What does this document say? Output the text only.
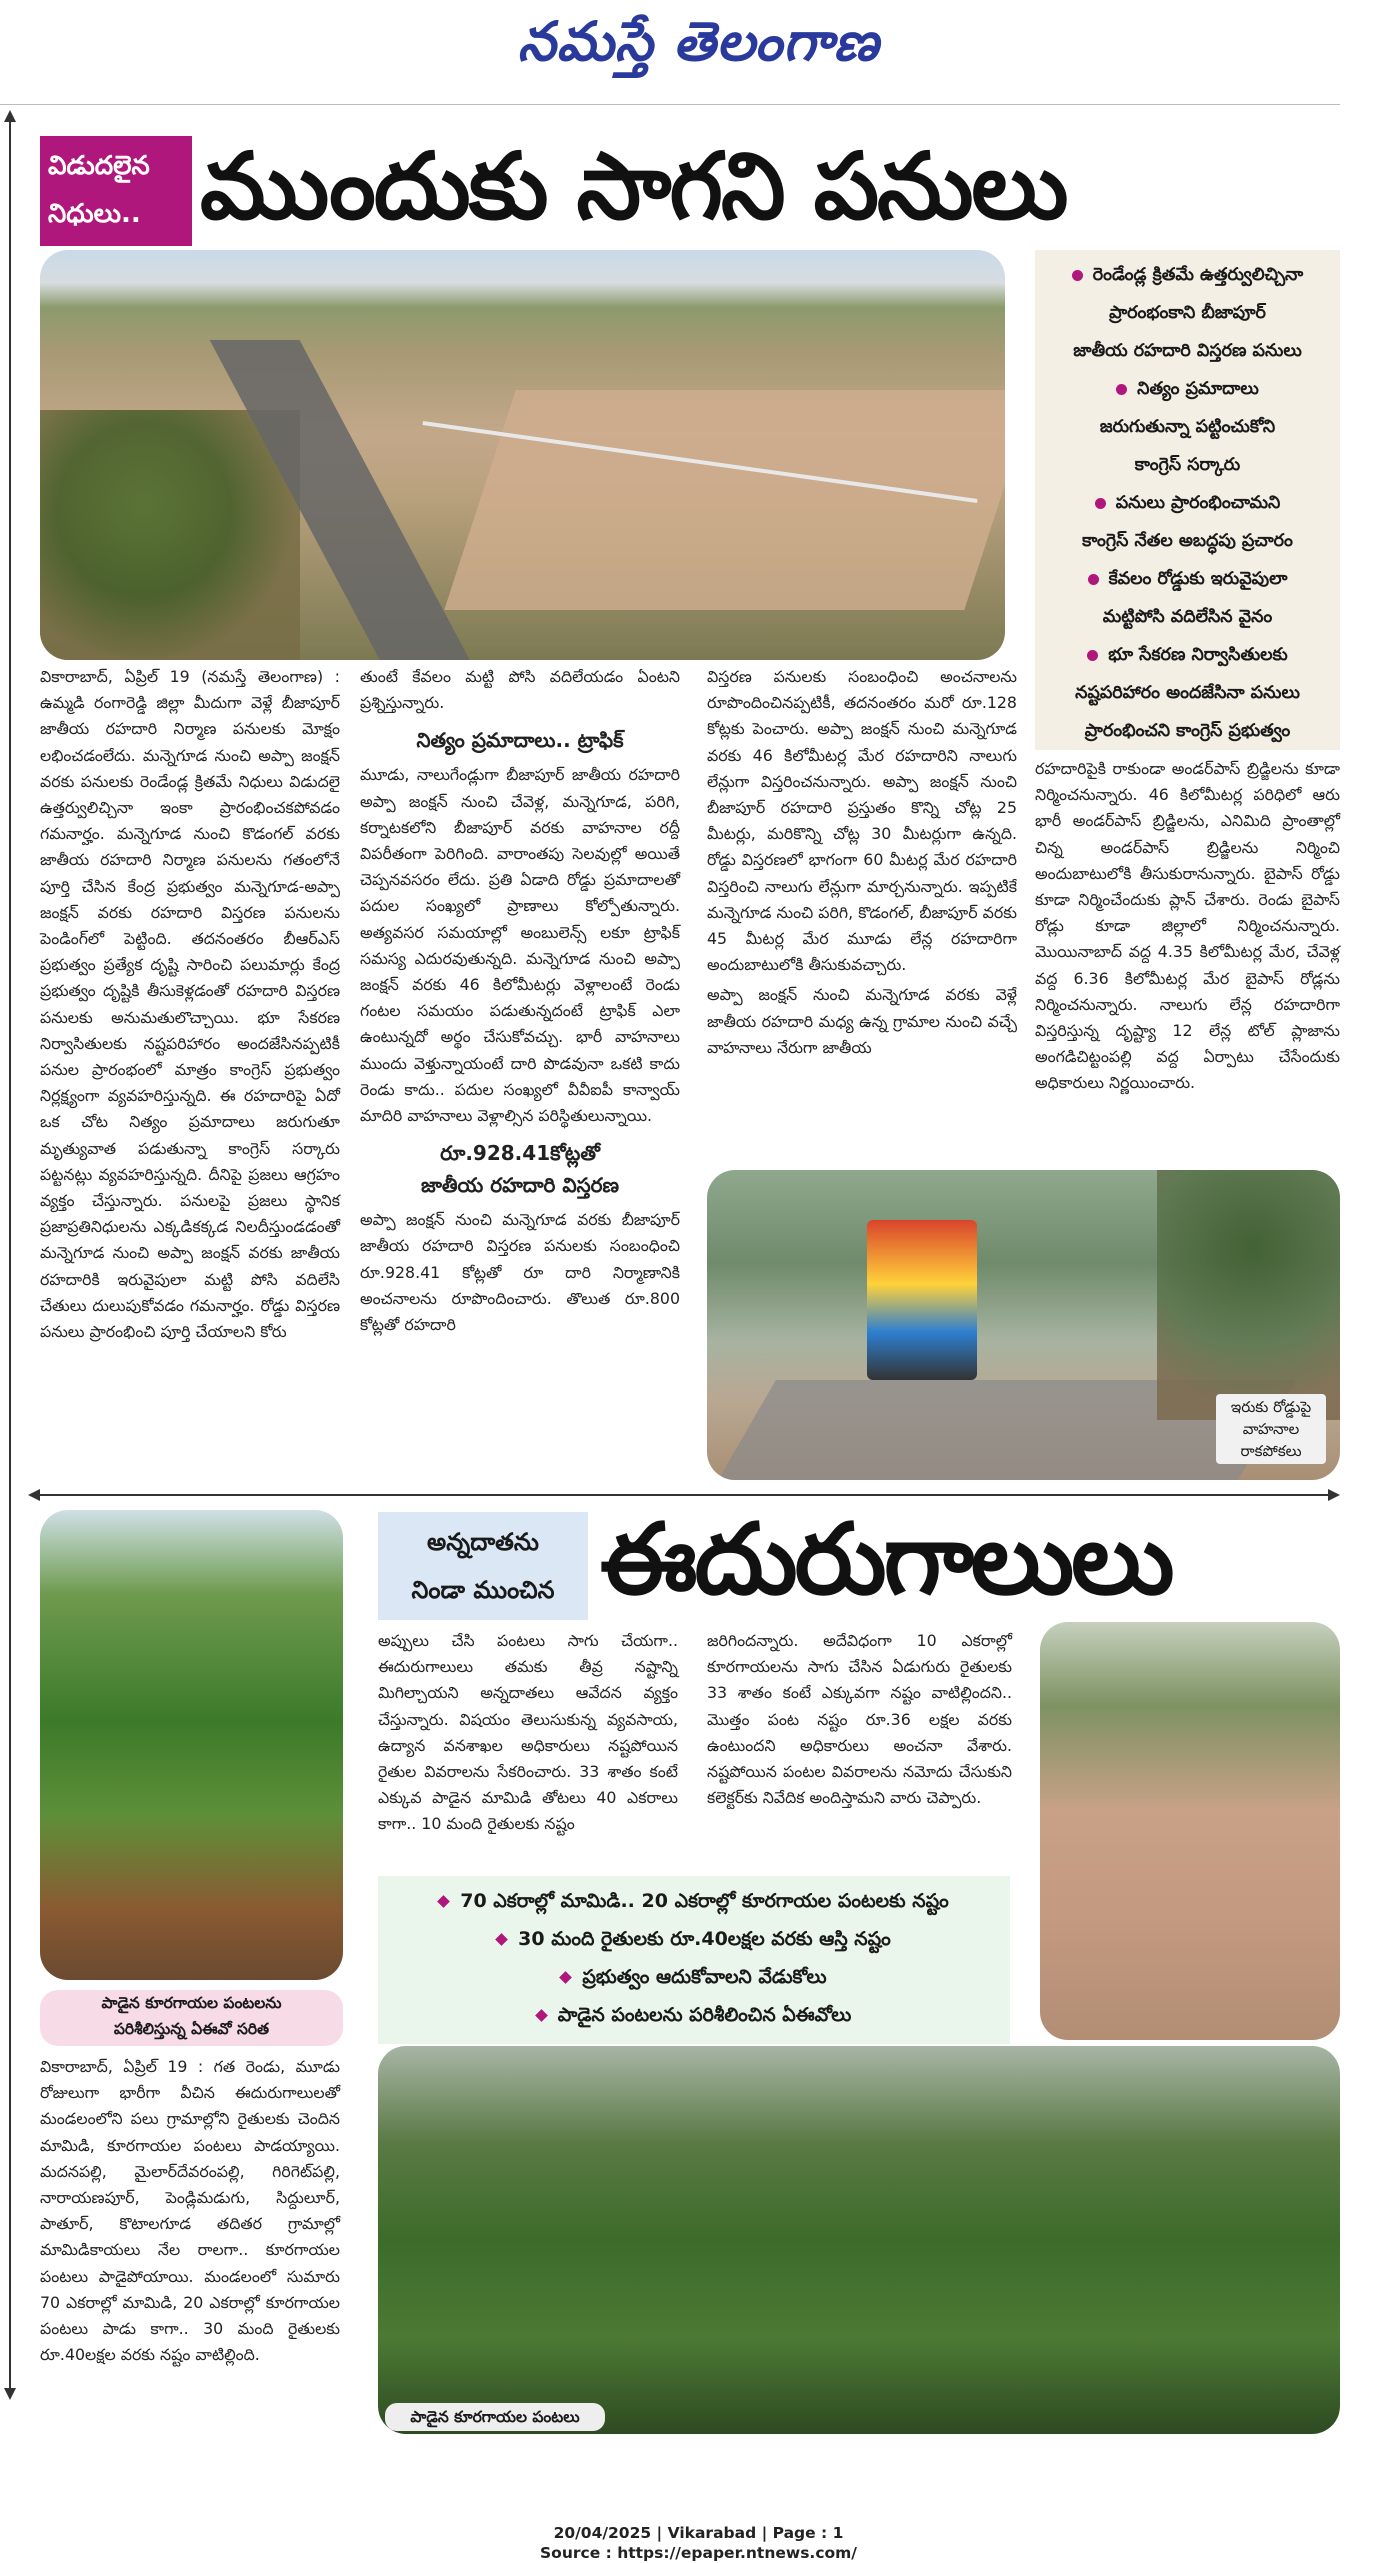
నమస్తే తెలంగాణ
విడుదలైన
నిధులు.. ముందుకు సాగని పనులు
రెండేండ్ల క్రితమే ఉత్తర్వులిచ్చినా
ప్రారంభంకాని బీజాపూర్
జాతీయ రహదారి విస్తరణ పనులు
నిత్యం ప్రమాదాలు
జరుగుతున్నా పట్టించుకోని
కాంగ్రెస్ సర్కారు
పనులు ప్రారంభించామని
కాంగ్రెస్ నేతల అబద్ధపు ప్రచారం
కేవలం రోడ్డుకు ఇరువైపులా
మట్టిపోసి వదిలేసిన వైనం
భూ సేకరణ నిర్వాసితులకు
నష్టపరిహారం అందజేసినా పనులు
ప్రారంభించని కాంగ్రెస్ ప్రభుత్వం

వికారాబాద్, ఏప్రిల్ 19 (నమస్తే తెలంగాణ) : ఉమ్మడి రంగారెడ్డి జిల్లా మీదుగా వెళ్లే బీజాపూర్ జాతీయ రహదారి నిర్మాణ పనులకు మోక్షం లభించడంలేదు. మన్నెగూడ నుంచి అప్పా జంక్షన్ వరకు పనులకు రెండేండ్ల క్రితమే నిధులు విడుదలై ఉత్తర్వులిచ్చినా ఇంకా ప్రారంభించకపోవడం గమనార్హం. మన్నెగూడ నుంచి కొడంగల్ వరకు జాతీయ రహదారి నిర్మాణ పనులను గతంలోనే పూర్తి చేసిన కేంద్ర ప్రభుత్వం మన్నెగూడ-అప్పా జంక్షన్ వరకు రహదారి విస్తరణ పనులను పెండింగ్‌లో పెట్టింది. తదనంతరం బీఆర్‌ఎస్ ప్రభుత్వం ప్రత్యేక దృష్టి సారించి పలుమార్లు కేంద్ర ప్రభుత్వం దృష్టికి తీసుకెళ్లడంతో రహదారి విస్తరణ పనులకు అనుమతులొచ్చాయి. భూ సేకరణ నిర్వాసితులకు నష్టపరిహారం అందజేసినప్పటికీ పనుల ప్రారంభంలో మాత్రం కాంగ్రెస్ ప్రభుత్వం నిర్లక్ష్యంగా వ్యవహరిస్తున్నది. ఈ రహదారిపై ఏదో ఒక చోట నిత్యం ప్రమాదాలు జరుగుతూ మృత్యువాత పడుతున్నా కాంగ్రెస్ సర్కారు పట్టనట్లు వ్యవహరిస్తున్నది. దీనిపై ప్రజలు ఆగ్రహం వ్యక్తం చేస్తున్నారు. పనులపై ప్రజలు స్థానిక ప్రజాప్రతినిధులను ఎక్కడికక్కడ నిలదీస్తుండడంతో మన్నెగూడ నుంచి అప్పా జంక్షన్ వరకు జాతీయ రహదారికి ఇరువైపులా మట్టి పోసి వదిలేసి చేతులు దులుపుకోవడం గమనార్హం. రోడ్డు విస్తరణ పనులు ప్రారంభించి పూర్తి చేయాలని కోరు

తుంటే కేవలం మట్టి పోసి వదిలేయడం ఏంటని ప్రశ్నిస్తున్నారు.

నిత్యం ప్రమాదాలు.. ట్రాఫిక్

మూడు, నాలుగేండ్లుగా బీజాపూర్ జాతీయ రహదారి అప్పా జంక్షన్ నుంచి చేవెళ్ల, మన్నెగూడ, పరిగి, కర్నాటకలోని బీజాపూర్ వరకు వాహనాల రద్దీ విపరీతంగా పెరిగింది. వారాంతపు సెలవుల్లో అయితే చెప్పనవసరం లేదు. ప్రతి ఏడాది రోడ్డు ప్రమాదాలతో పదుల సంఖ్యలో ప్రాణాలు కోల్పోతున్నారు. అత్యవసర సమయాల్లో అంబులెన్స్ లకూ ట్రాఫిక్ సమస్య ఎదురవుతున్నది. మన్నెగూడ నుంచి అప్పా జంక్షన్ వరకు 46 కిలోమీటర్లు వెళ్లాలంటే రెండు గంటల సమయం పడుతున్నదంటే ట్రాఫిక్ ఎలా ఉంటున్నదో అర్థం చేసుకోవచ్చు. భారీ వాహనాలు ముందు వెళ్తున్నాయంటే దారి పొడవునా ఒకటి కాదు రెండు కాదు.. పదుల సంఖ్యలో వీవీఐపీ కాన్వాయ్ మాదిరి వాహనాలు వెళ్లాల్సిన పరిస్థితులున్నాయి.

రూ.928.41కోట్లతో
జాతీయ రహదారి విస్తరణ

అప్పా జంక్షన్ నుంచి మన్నెగూడ వరకు బీజాపూర్ జాతీయ రహదారి విస్తరణ పనులకు సంబంధించి రూ.928.41 కోట్లతో రూ దారి నిర్మాణానికి అంచనాలను రూపొందించారు. తొలుత రూ.800 కోట్లతో రహదారి

విస్తరణ పనులకు సంబంధించి అంచనాలను రూపొందించినప్పటికీ, తదనంతరం మరో రూ.128 కోట్లకు పెంచారు. అప్పా జంక్షన్ నుంచి మన్నెగూడ వరకు 46 కిలోమీటర్ల మేర రహదారిని నాలుగు లేన్లుగా విస్తరించనున్నారు. అప్పా జంక్షన్ నుంచి బీజాపూర్ రహదారి ప్రస్తుతం కొన్ని చోట్ల 25 మీటర్లు, మరికొన్ని చోట్ల 30 మీటర్లుగా ఉన్నది. రోడ్డు విస్తరణలో భాగంగా 60 మీటర్ల మేర రహదారి విస్తరించి నాలుగు లేన్లుగా మార్చనున్నారు. ఇప్పటికే మన్నెగూడ నుంచి పరిగి, కొడంగల్, బీజాపూర్ వరకు 45 మీటర్ల మేర మూడు లేన్ల రహదారిగా అందుబాటులోకి తీసుకువచ్చారు.

అప్పా జంక్షన్ నుంచి మన్నెగూడ వరకు వెళ్లే జాతీయ రహదారి మధ్య ఉన్న గ్రామాల నుంచి వచ్చే వాహనాలు నేరుగా జాతీయ

రహదారిపైకి రాకుండా అండర్‌పాస్ బ్రిడ్జిలను కూడా నిర్మించనున్నారు. 46 కిలోమీటర్ల పరిధిలో ఆరు భారీ అండర్‌పాస్ బ్రిడ్జిలను, ఎనిమిది ప్రాంతాల్లో చిన్న అండర్‌పాస్ బ్రిడ్జిలను నిర్మించి అందుబాటులోకి తీసుకురానున్నారు. బైపాస్ రోడ్డు కూడా నిర్మించేందుకు ప్లాన్ చేశారు. రెండు బైపాస్ రోడ్లు కూడా జిల్లాలో నిర్మించనున్నారు. మొయినాబాద్ వద్ద 4.35 కిలోమీటర్ల మేర, చేవెళ్ల వద్ద 6.36 కిలోమీటర్ల మేర బైపాస్ రోడ్లను నిర్మించనున్నారు. నాలుగు లేన్ల రహదారిగా విస్తరిస్తున్న దృష్ట్యా 12 లేన్ల టోల్ ప్లాజాను అంగడిచిట్టంపల్లి వద్ద ఏర్పాటు చేసేందుకు అధికారులు నిర్ణయించారు.

ఇరుకు రోడ్డుపై
వాహనాల
రాకపోకలు
పాడైన కూరగాయల పంటలను
పరిశీలిస్తున్న ఏఈవో సరిత
అన్నదాతను
నిండా ముంచిన ఈదురుగాలులు

అప్పులు చేసి పంటలు సాగు చేయగా.. ఈదురుగాలులు తమకు తీవ్ర నష్టాన్ని మిగిల్చాయని అన్నదాతలు ఆవేదన వ్యక్తం చేస్తున్నారు. విషయం తెలుసుకున్న వ్యవసాయ, ఉద్యాన వనశాఖల అధికారులు నష్టపోయిన రైతుల వివరాలను సేకరించారు. 33 శాతం కంటే ఎక్కువ పాడైన మామిడి తోటలు 40 ఎకరాలు కాగా.. 10 మంది రైతులకు నష్టం

జరిగిందన్నారు. అదేవిధంగా 10 ఎకరాల్లో కూరగాయలను సాగు చేసిన ఏడుగురు రైతులకు 33 శాతం కంటే ఎక్కువగా నష్టం వాటిల్లిందని.. మొత్తం పంట నష్టం రూ.36 లక్షల వరకు ఉంటుందని అధికారులు అంచనా వేశారు. నష్టపోయిన పంటల వివరాలను నమోదు చేసుకుని కలెక్టర్‌కు నివేదిక అందిస్తామని వారు చెప్పారు.

70 ఎకరాల్లో మామిడి.. 20 ఎకరాల్లో కూరగాయల పంటలకు నష్టం
30 మంది రైతులకు రూ.40లక్షల వరకు ఆస్తి నష్టం
ప్రభుత్వం ఆదుకోవాలని వేడుకోలు
పాడైన పంటలను పరిశీలించిన ఏఈవోలు

వికారాబాద్, ఏప్రిల్ 19 : గత రెండు, మూడు రోజులుగా భారీగా వీచిన ఈదురుగాలులతో మండలంలోని పలు గ్రామాల్లోని రైతులకు చెందిన మామిడి, కూరగాయల పంటలు పాడయ్యాయి. మదనపల్లి, మైలార్‌దేవరంపల్లి, గిరిగెట్‌పల్లి, నారాయణపూర్, పెండ్లిమడుగు, సిద్దులూర్, పాతూర్, కొటాలగూడ తదితర గ్రామాల్లో మామిడికాయలు నేల రాలగా.. కూరగాయల పంటలు పాడైపోయాయి. మండలంలో సుమారు 70 ఎకరాల్లో మామిడి, 20 ఎకరాల్లో కూరగాయల పంటలు పాడు కాగా.. 30 మంది రైతులకు రూ.40లక్షల వరకు నష్టం వాటిల్లింది.

పాడైన కూరగాయల పంటలు
20/04/2025 | Vikarabad | Page : 1
Source : https://epaper.ntnews.com/
